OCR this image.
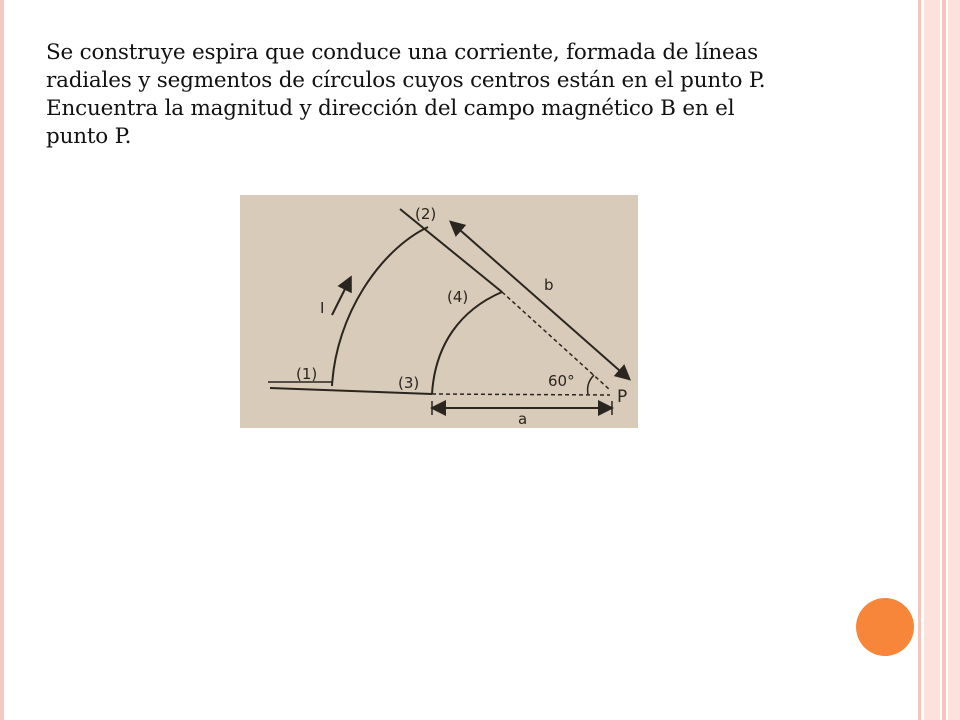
Se construye espira que conduce una corriente, formada de líneas
radiales y segmentos de círculos cuyos centros están en el punto P.
Encuentra la magnitud y dirección del campo magnético B en el
punto P.
(2)
(4)
(1)	(3)
I
b
a
60°
P
